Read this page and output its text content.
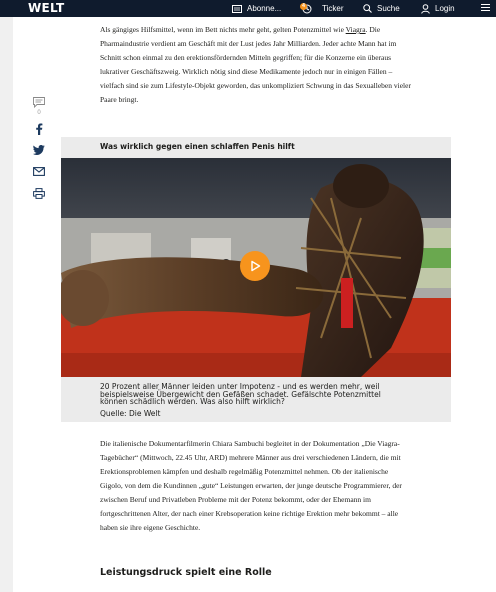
WELT	Abonne...	4 Ticker	Suche	Login
0

Als gängiges Hilfsmittel, wenn im Bett nichts mehr geht, gelten Potenzmittel wie Viagra. Die Pharmaindustrie verdient am Geschäft mit der Lust jedes Jahr Milliarden. Jeder achte Mann hat im Schnitt schon einmal zu den erektionsfördernden Mitteln gegriffen; für die Konzerne ein überaus lukrativer Geschäftszweig. Wirklich nötig sind diese Medikamente jedoch nur in einigen Fällen – vielfach sind sie zum Lifestyle-Objekt geworden, das unkompliziert Schwung in das Sexualleben vieler Paare bringt.

Was wirklich gegen einen schlaffen Penis hilft
20 Prozent aller Männer leiden unter Impotenz - und es werden mehr, weil beispielsweise Übergewicht den Gefäßen schadet. Gefälschte Potenzmittel können schädlich werden. Was also hilft wirklich?
Quelle: Die Welt

Die italienische Dokumentarfilmerin Chiara Sambuchi begleitet in der Dokumentation „Die Viagra-Tagebücher“ (Mittwoch, 22.45 Uhr, ARD) mehrere Männer aus drei verschiedenen Ländern, die mit Erektionsproblemen kämpfen und deshalb regelmäßig Potenzmittel nehmen. Ob der italienische Gigolo, von dem die Kundinnen „gute“ Leistungen erwarten, der junge deutsche Programmierer, der zwischen Beruf und Privatleben Probleme mit der Potenz bekommt, oder der Ehemann im fortgeschrittenen Alter, der nach einer Krebsoperation keine richtige Erektion mehr bekommt – alle haben sie ihre eigene Geschichte.

Leistungsdruck spielt eine Rolle
